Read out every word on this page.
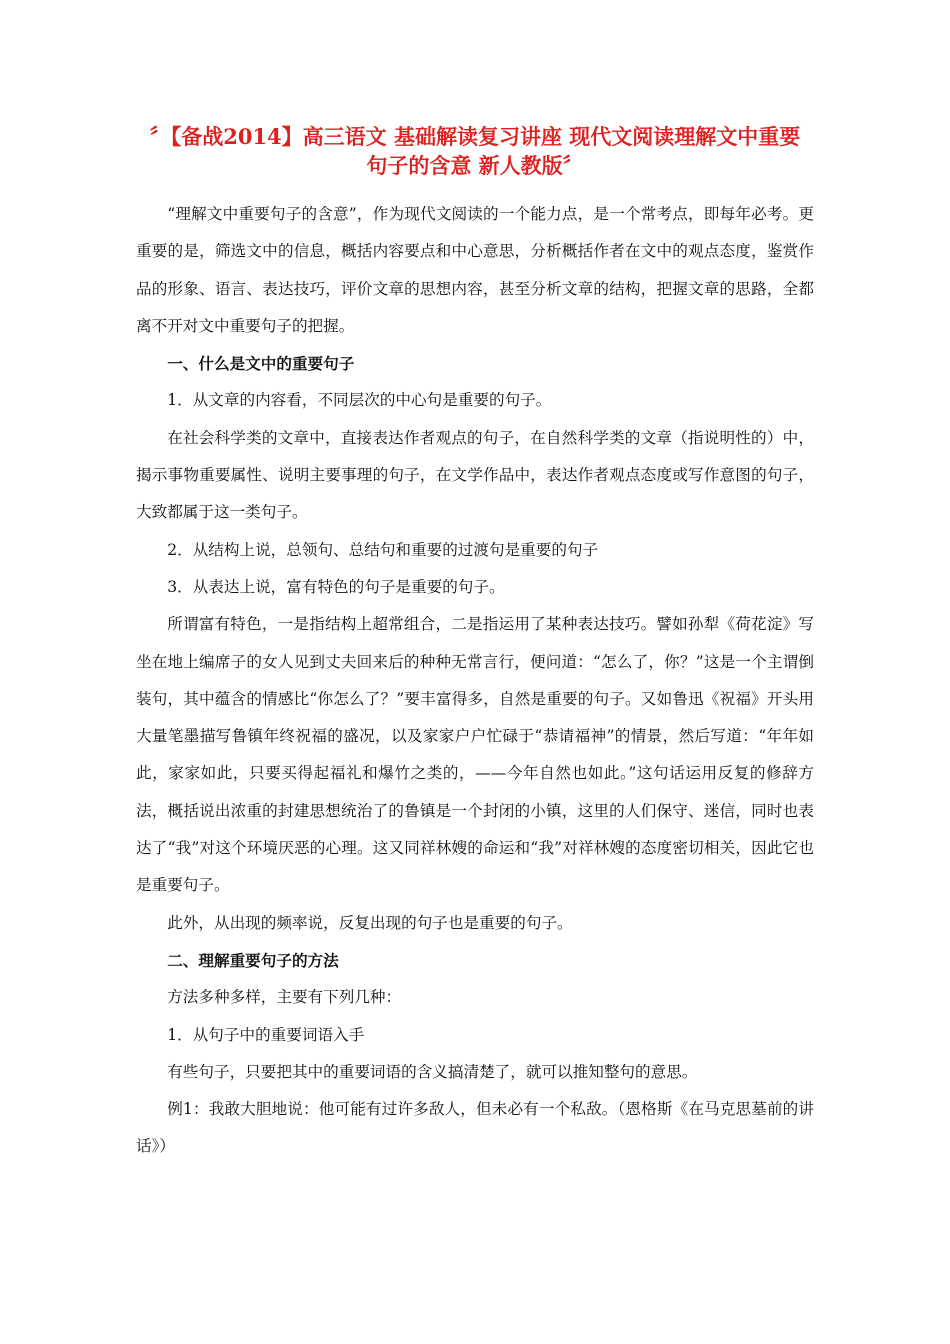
〞【备战2014】高三语文 基础解读复习讲座 现代文阅读理解文中重要句子的含意 新人教版〞

“理解文中重要句子的含意”，作为现代文阅读的一个能力点，是一个常考点，即每年必考。更重要的是，筛选文中的信息，概括内容要点和中心意思，分析概括作者在文中的观点态度，鉴赏作品的形象、语言、表达技巧，评价文章的思想内容，甚至分析文章的结构，把握文章的思路，全都离不开对文中重要句子的把握。

一、什么是文中的重要句子

1．从文章的内容看，不同层次的中心句是重要的句子。

在社会科学类的文章中，直接表达作者观点的句子，在自然科学类的文章（指说明性的）中，揭示事物重要属性、说明主要事理的句子，在文学作品中，表达作者观点态度或写作意图的句子，大致都属于这一类句子。

2．从结构上说，总领句、总结句和重要的过渡句是重要的句子

3．从表达上说，富有特色的句子是重要的句子。

所谓富有特色，一是指结构上超常组合，二是指运用了某种表达技巧。譬如孙犁《荷花淀》写坐在地上编席子的女人见到丈夫回来后的种种无常言行，便问道：“怎么了，你？”这是一个主谓倒装句，其中蕴含的情感比“你怎么了？”要丰富得多，自然是重要的句子。又如鲁迅《祝福》开头用大量笔墨描写鲁镇年终祝福的盛况，以及家家户户忙碌于“恭请福神”的情景，然后写道：“年年如此，家家如此，只要买得起福礼和爆竹之类的，——今年自然也如此。”这句话运用反复的修辞方法，概括说出浓重的封建思想统治了的鲁镇是一个封闭的小镇，这里的人们保守、迷信，同时也表达了“我”对这个环境厌恶的心理。这又同祥林嫂的命运和“我”对祥林嫂的态度密切相关，因此它也是重要句子。

此外，从出现的频率说，反复出现的句子也是重要的句子。

二、理解重要句子的方法

方法多种多样，主要有下列几种：

1．从句子中的重要词语入手

有些句子，只要把其中的重要词语的含义搞清楚了，就可以推知整句的意思。

例1：我敢大胆地说：他可能有过许多敌人，但未必有一个私敌。（恩格斯《在马克思墓前的讲话》）
